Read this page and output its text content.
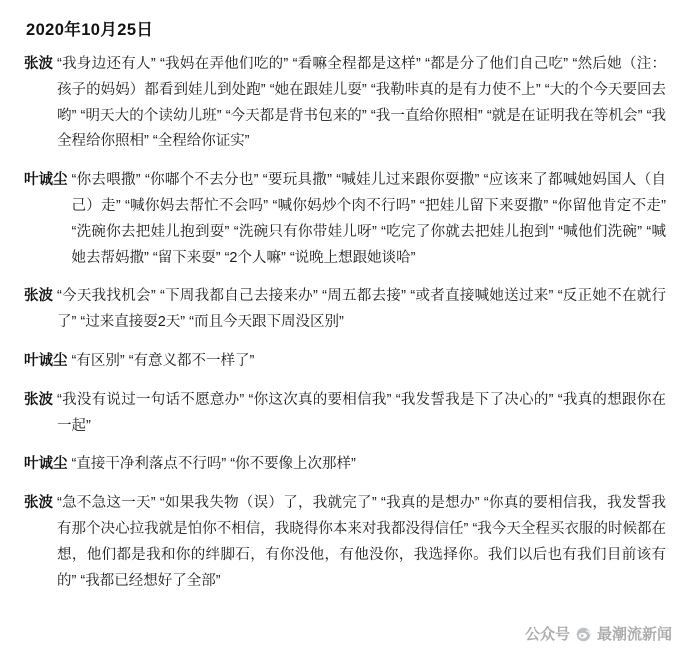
2020年10月25日
张波 “我身边还有人” “我妈在弄他们吃的” “看嘛全程都是这样” “都是分了他们自己吃” “然后她（注：孩子的妈妈）都看到娃儿到处跑” “她在跟娃儿耍” “我勒咔真的是有力使不上” “大的个今天要回去哟” “明天大的个读幼儿班” “今天都是背书包来的” “我一直给你照相” “就是在证明我在等机会” “我全程给你照相” “全程给你证实”
叶诚尘 “你去喂撒” “你嘟个不去分也” “要玩具撒” “喊娃儿过来跟你耍撒” “应该来了都喊她妈国人（自己）走” “喊你妈去帮忙不会吗” “喊你妈炒个肉不行吗” “把娃儿留下来耍撒” “你留他肯定不走” “洗碗你去把娃儿抱到耍” “洗碗只有你带娃儿呀” “吃完了你就去把娃儿抱到” “喊他们洗碗” “喊她去帮妈撒” “留下来耍” “2个人嘛” “说晚上想跟她谈哈”
张波 “今天我找机会” “下周我都自己去接来办” “周五都去接” “或者直接喊她送过来” “反正她不在就行了” “过来直接耍2天” “而且今天跟下周没区别”
叶诚尘 “有区别” “有意义都不一样了”
张波 “我没有说过一句话不愿意办” “你这次真的要相信我” “我发誓我是下了决心的” “我真的想跟你在一起”
叶诚尘 “直接干净利落点不行吗” “你不要像上次那样”
张波 “急不急这一天” “如果我失物（误）了，我就完了” “我真的是想办” “你真的要相信我，我发誓我有那个决心拉我就是怕你不相信，我晓得你本来对我都没得信任” “我今天全程买衣服的时候都在想，他们都是我和你的绊脚石，有你没他，有他没你，我选择你。我们以后也有我们目前该有的” “我都已经想好了全部”
公众号 最潮流新闻
